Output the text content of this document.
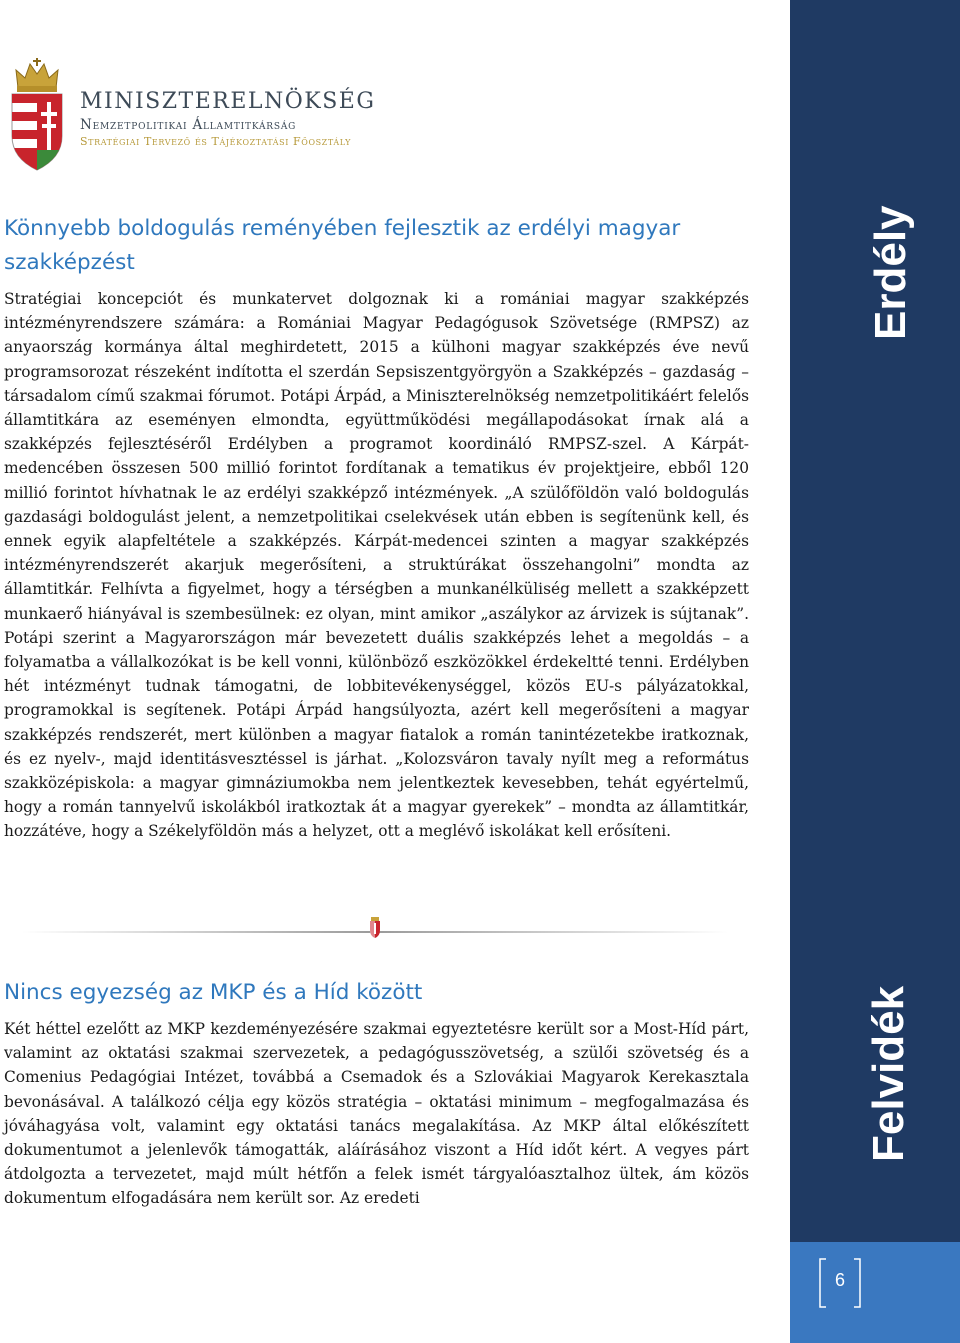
MINISZTERELNÖKSÉG
Nemzetpolitikai Államtitkárság
Stratégiai Tervező és Tájékoztatási Főosztály
Könnyebb boldogulás reményében fejlesztik az erdélyi magyar szakképzést

Stratégiai koncepciót és munkatervet dolgoznak ki a romániai magyar szakképzés intézményrendszere számára: a Romániai Magyar Pedagógusok Szövetsége (RMPSZ) az anyaország kormánya által meghirdetett, 2015 a külhoni magyar szakképzés éve nevű programsorozat részeként indította el szerdán Sepsiszentgyörgyön a Szakképzés – gazdaság – társadalom című szakmai fórumot. Potápi Árpád, a Miniszterelnökség nemzetpolitikáért felelős államtitkára az eseményen elmondta, együttműködési megállapodásokat írnak alá a szakképzés fejlesztéséről Erdélyben a programot koordináló RMPSZ-szel. A Kárpát-medencében összesen 500 millió forintot fordítanak a tematikus év projektjeire, ebből 120 millió forintot hívhatnak le az erdélyi szakképző intézmények. „A szülőföldön való boldogulás gazdasági boldogulást jelent, a nemzetpolitikai cselekvések után ebben is segítenünk kell, és ennek egyik alapfeltétele a szakképzés. Kárpát-medencei szinten a magyar szakképzés intézményrendszerét akarjuk megerősíteni, a struktúrákat összehangolni” mondta az államtitkár. Felhívta a figyelmet, hogy a térségben a munkanélküliség mellett a szakképzett munkaerő hiányával is szembesülnek: ez olyan, mint amikor „aszálykor az árvizek is sújtanak”. Potápi szerint a Magyarországon már bevezetett duális szakképzés lehet a megoldás – a folyamatba a vállalkozókat is be kell vonni, különböző eszközökkel érdekeltté tenni. Erdélyben hét intézményt tudnak támogatni, de lobbitevékenységgel, közös EU-s pályázatokkal, programokkal is segítenek. Potápi Árpád hangsúlyozta, azért kell megerősíteni a magyar szakképzés rendszerét, mert különben a magyar fiatalok a román tanintézetekbe iratkoznak, és ez nyelv-, majd identitásvesztéssel is járhat. „Kolozsváron tavaly nyílt meg a református szakközépiskola: a magyar gimnáziumokba nem jelentkeztek kevesebben, tehát egyértelmű, hogy a román tannyelvű iskolákból iratkoztak át a magyar gyerekek” – mondta az államtitkár, hozzátéve, hogy a Székelyföldön más a helyzet, ott a meglévő iskolákat kell erősíteni.

Nincs egyezség az MKP és a Híd között

Két héttel ezelőtt az MKP kezdeményezésére szakmai egyeztetésre került sor a Most-Híd párt, valamint az oktatási szakmai szervezetek, a pedagógusszövetség, a szülői szövetség és a Comenius Pedagógiai Intézet, továbbá a Csemadok és a Szlovákiai Magyarok Kerekasztala bevonásával. A találkozó célja egy közös stratégia – oktatási minimum – megfogalmazása és jóváhagyása volt, valamint egy oktatási tanács megalakítása. Az MKP által előkészített dokumentumot a jelenlevők támogatták, aláírásához viszont a Híd időt kért. A vegyes párt átdolgozta a tervezetet, majd múlt hétfőn a felek ismét tárgyalóasztalhoz ültek, ám közös dokumentum elfogadására nem került sor. Az eredeti

Erdély
Felvidék
6
